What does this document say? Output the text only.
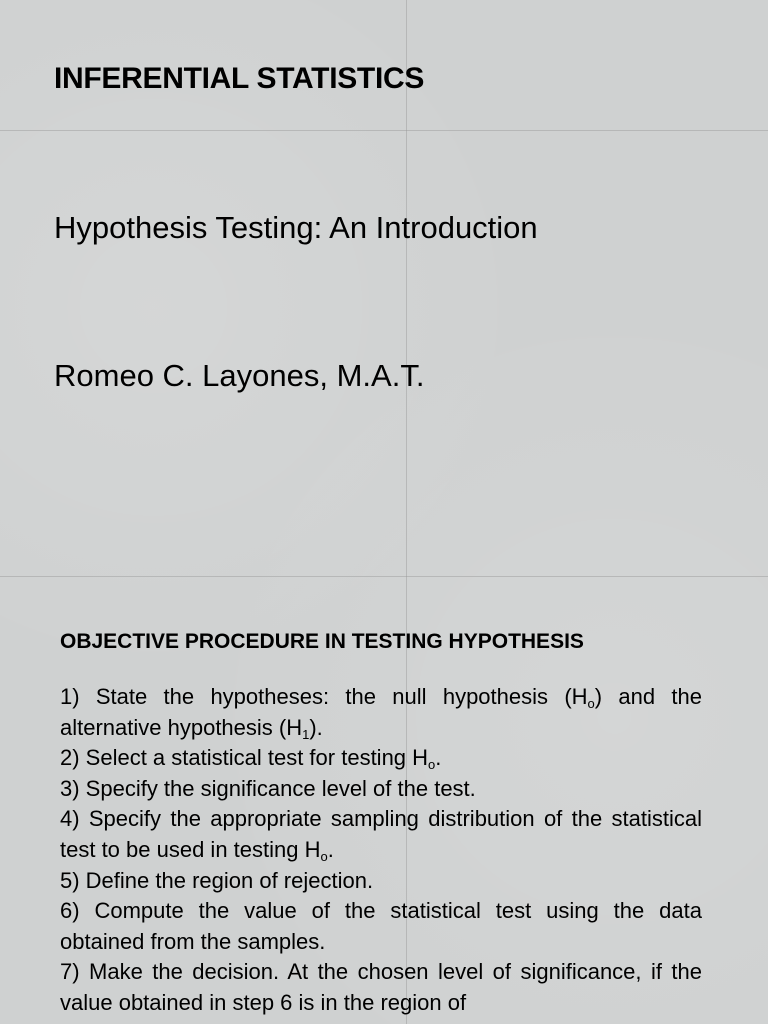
INFERENTIAL STATISTICS
Hypothesis Testing: An Introduction
Romeo C. Layones, M.A.T.
OBJECTIVE PROCEDURE IN TESTING HYPOTHESIS
1) State the hypotheses: the null hypothesis $(H_o)$ and the alternative hypothesis $(H_1)$.
2) Select a statistical test for testing $H_o$.
3) Specify the significance level of the test.
4) Specify the appropriate sampling distribution of the statistical test to be used in testing $H_o$.
5) Define the region of rejection.
6) Compute the value of the statistical test using the data obtained from the samples.
7) Make the decision. At the chosen level of significance, if the value obtained in step 6 is in the region of
